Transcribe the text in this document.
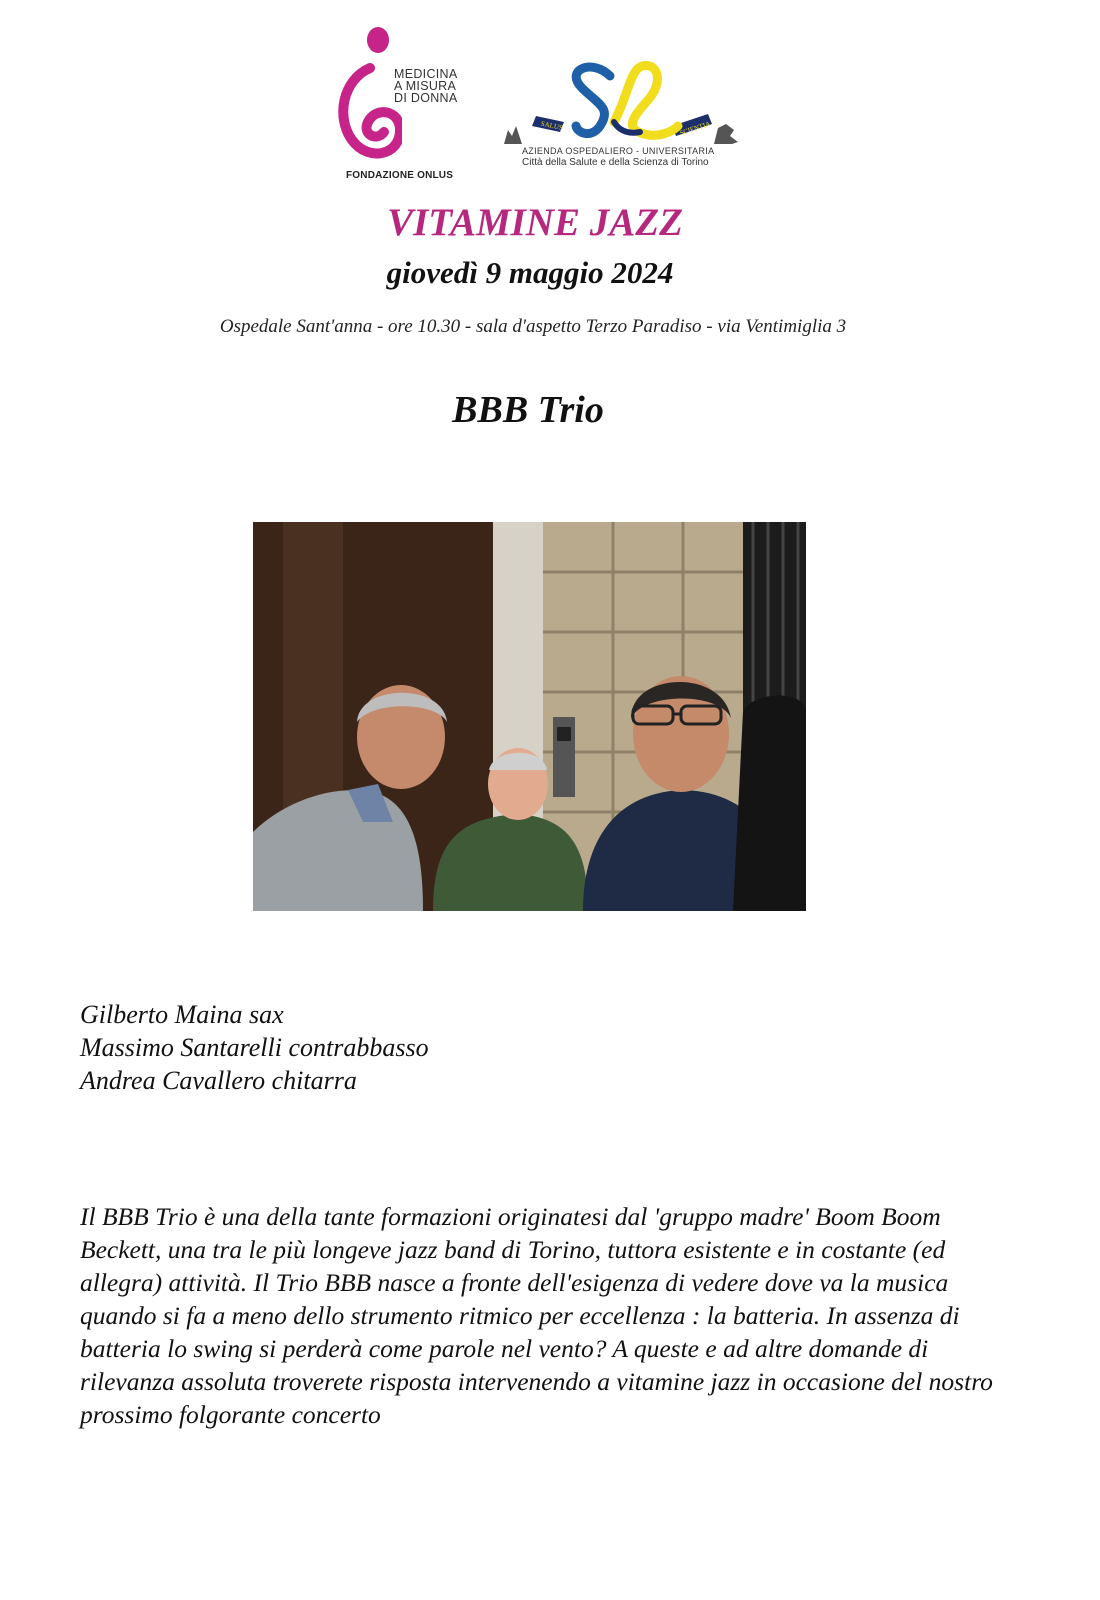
MEDICINA
A MISURA
DI DONNA
FONDAZIONE ONLUS
SALUS	SCIENTIA
AZIENDA OSPEDALIERO - UNIVERSITARIA
Città della Salute e della Scienza di Torino
VITAMINE JAZZ
giovedì 9 maggio 2024
Ospedale Sant'anna - ore 10.30 - sala d'aspetto Terzo Paradiso - via Ventimiglia 3
BBB Trio
Gilberto Maina sax
Massimo Santarelli contrabbasso
Andrea Cavallero chitarra

Il BBB Trio è una della tante formazioni originatesi dal 'gruppo madre' Boom Boom Beckett, una tra le più longeve jazz band di Torino, tuttora esistente e in costante (ed allegra) attività. Il Trio BBB nasce a fronte dell'esigenza di vedere dove va la musica quando si fa a meno dello strumento ritmico per eccellenza : la batteria. In assenza di batteria lo swing si perderà come parole nel vento? A queste e ad altre domande di rilevanza assoluta troverete risposta intervenendo a vitamine jazz in occasione del nostro prossimo folgorante concerto
